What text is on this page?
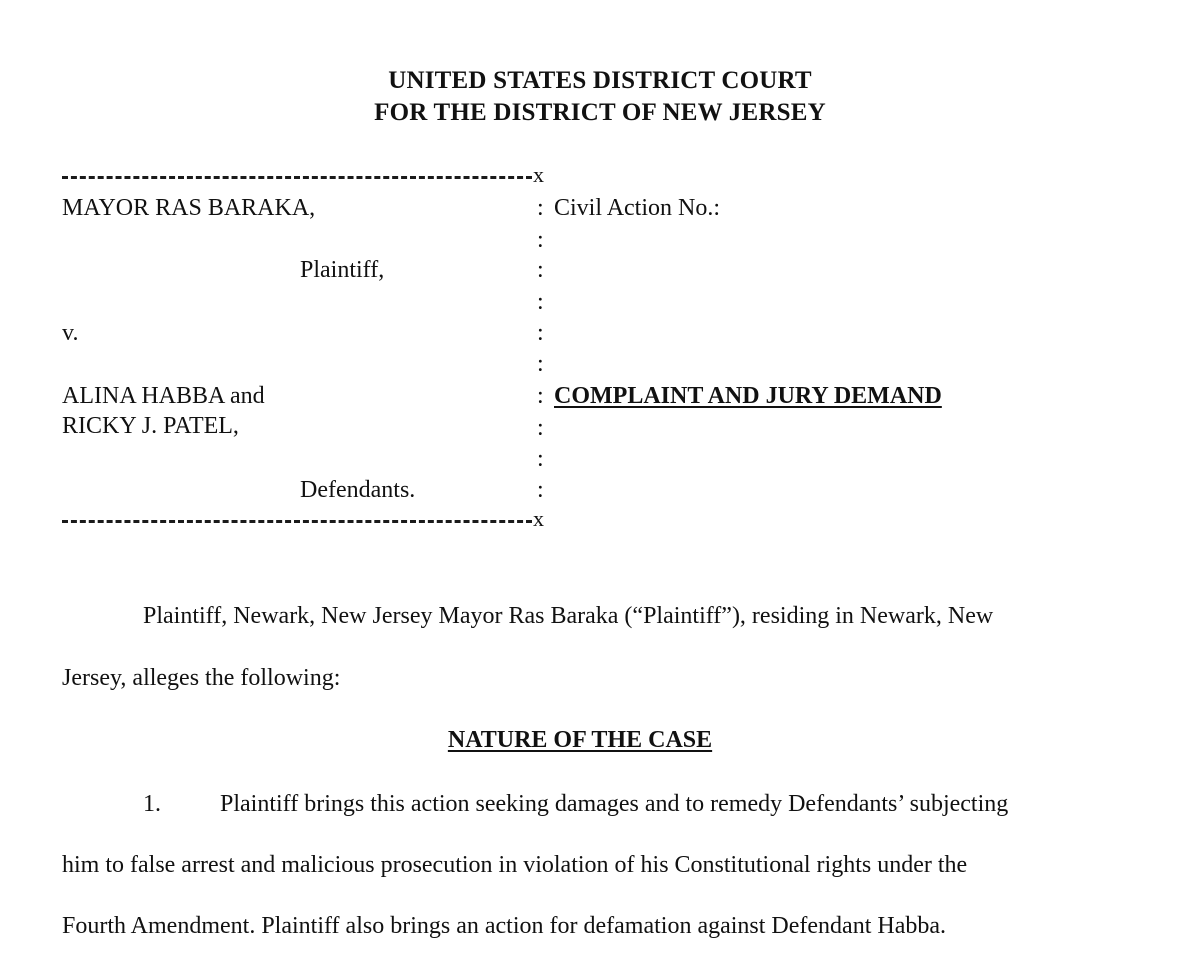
UNITED STATES DISTRICT COURT
FOR THE DISTRICT OF NEW JERSEY
x
MAYOR RAS BARAKA,
Plaintiff,
v.
ALINA HABBA and
RICKY J. PATEL,
Defendants.
:
:
:
:
:
:
:
:
:
:
Civil Action No.:
COMPLAINT AND JURY DEMAND
x
Plaintiff, Newark, New Jersey Mayor Ras Baraka (“Plaintiff”), residing in Newark, New
Jersey, alleges the following:
NATURE OF THE CASE
1. Plaintiff brings this action seeking damages and to remedy Defendants’ subjecting
him to false arrest and malicious prosecution in violation of his Constitutional rights under the
Fourth Amendment. Plaintiff also brings an action for defamation against Defendant Habba.
